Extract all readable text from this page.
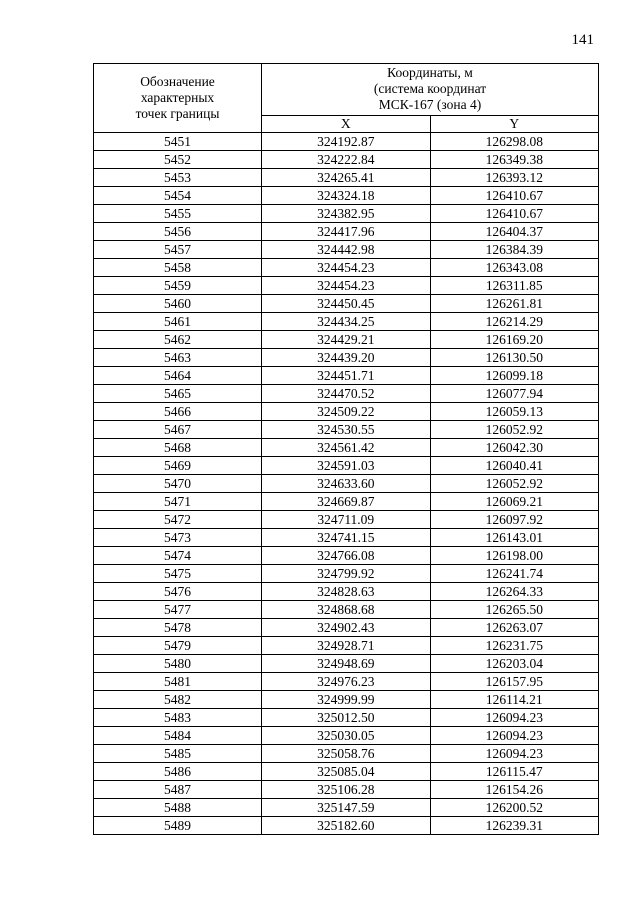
141
Обозначение
характерных
точек границы	Координаты, м
(система координат
МСК-167 (зона 4)	
	X	Y
5451	324192.87	126298.08
5452	324222.84	126349.38
5453	324265.41	126393.12
5454	324324.18	126410.67
5455	324382.95	126410.67
5456	324417.96	126404.37
5457	324442.98	126384.39
5458	324454.23	126343.08
5459	324454.23	126311.85
5460	324450.45	126261.81
5461	324434.25	126214.29
5462	324429.21	126169.20
5463	324439.20	126130.50
5464	324451.71	126099.18
5465	324470.52	126077.94
5466	324509.22	126059.13
5467	324530.55	126052.92
5468	324561.42	126042.30
5469	324591.03	126040.41
5470	324633.60	126052.92
5471	324669.87	126069.21
5472	324711.09	126097.92
5473	324741.15	126143.01
5474	324766.08	126198.00
5475	324799.92	126241.74
5476	324828.63	126264.33
5477	324868.68	126265.50
5478	324902.43	126263.07
5479	324928.71	126231.75
5480	324948.69	126203.04
5481	324976.23	126157.95
5482	324999.99	126114.21
5483	325012.50	126094.23
5484	325030.05	126094.23
5485	325058.76	126094.23
5486	325085.04	126115.47
5487	325106.28	126154.26
5488	325147.59	126200.52
5489	325182.60	126239.31
